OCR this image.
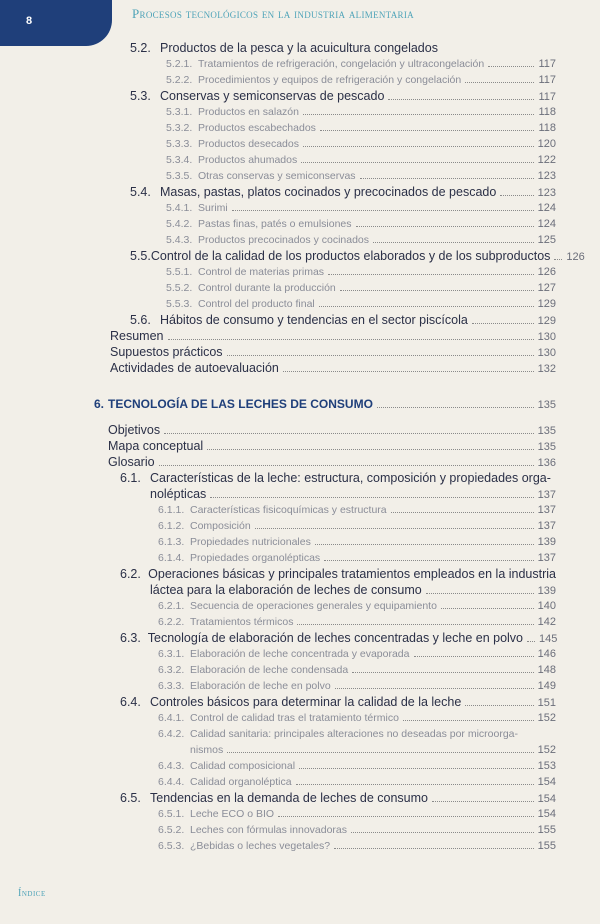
8	Procesos tecnológicos en la industria alimentaria
5.2. Productos de la pesca y la acuicultura congelados
5.2.1. Tratamientos de refrigeración, congelación y ultracongelación	117
5.2.2. Procedimientos y equipos de refrigeración y congelación	117
5.3. Conservas y semiconservas de pescado	117
5.3.1. Productos en salazón	118
5.3.2. Productos escabechados	118
5.3.3. Productos desecados	120
5.3.4. Productos ahumados	122
5.3.5. Otras conservas y semiconservas	123
5.4. Masas, pastas, platos cocinados y precocinados de pescado	123
5.4.1. Surimi	124
5.4.2. Pastas finas, patés o emulsiones	124
5.4.3. Productos precocinados y cocinados	125
5.5. Control de la calidad de los productos elaborados y de los subproductos 126
5.5.1. Control de materias primas	126
5.5.2. Control durante la producción	127
5.5.3. Control del producto final	129
5.6. Hábitos de consumo y tendencias en el sector piscícola	129
Resumen	130
Supuestos prácticos	130
Actividades de autoevaluación	132
6. TECNOLOGÍA DE LAS LECHES DE CONSUMO	135
Objetivos	135
Mapa conceptual	135
Glosario	136
6.1. Características de la leche: estructura, composición y propiedades orga-
nolépticas	137
6.1.1. Características fisicoquímicas y estructura	137
6.1.2. Composición	137
6.1.3. Propiedades nutricionales	139
6.1.4. Propiedades organolépticas	137
6.2. Operaciones básicas y principales tratamientos empleados en la industria
láctea para la elaboración de leches de consumo	139
6.2.1. Secuencia de operaciones generales y equipamiento	140
6.2.2. Tratamientos térmicos	142
6.3. Tecnología de elaboración de leches concentradas y leche en polvo 145
6.3.1. Elaboración de leche concentrada y evaporada	146
6.3.2. Elaboración de leche condensada	148
6.3.3. Elaboración de leche en polvo	149
6.4. Controles básicos para determinar la calidad de la leche	151
6.4.1. Control de calidad tras el tratamiento térmico	152
6.4.2. Calidad sanitaria: principales alteraciones no deseadas por microorga-
nismos	152
6.4.3. Calidad composicional	153
6.4.4. Calidad organoléptica	154
6.5. Tendencias en la demanda de leches de consumo	154
6.5.1. Leche ECO o BIO	154
6.5.2. Leches con fórmulas innovadoras	155
6.5.3. ¿Bebidas o leches vegetales?	155
Índice
